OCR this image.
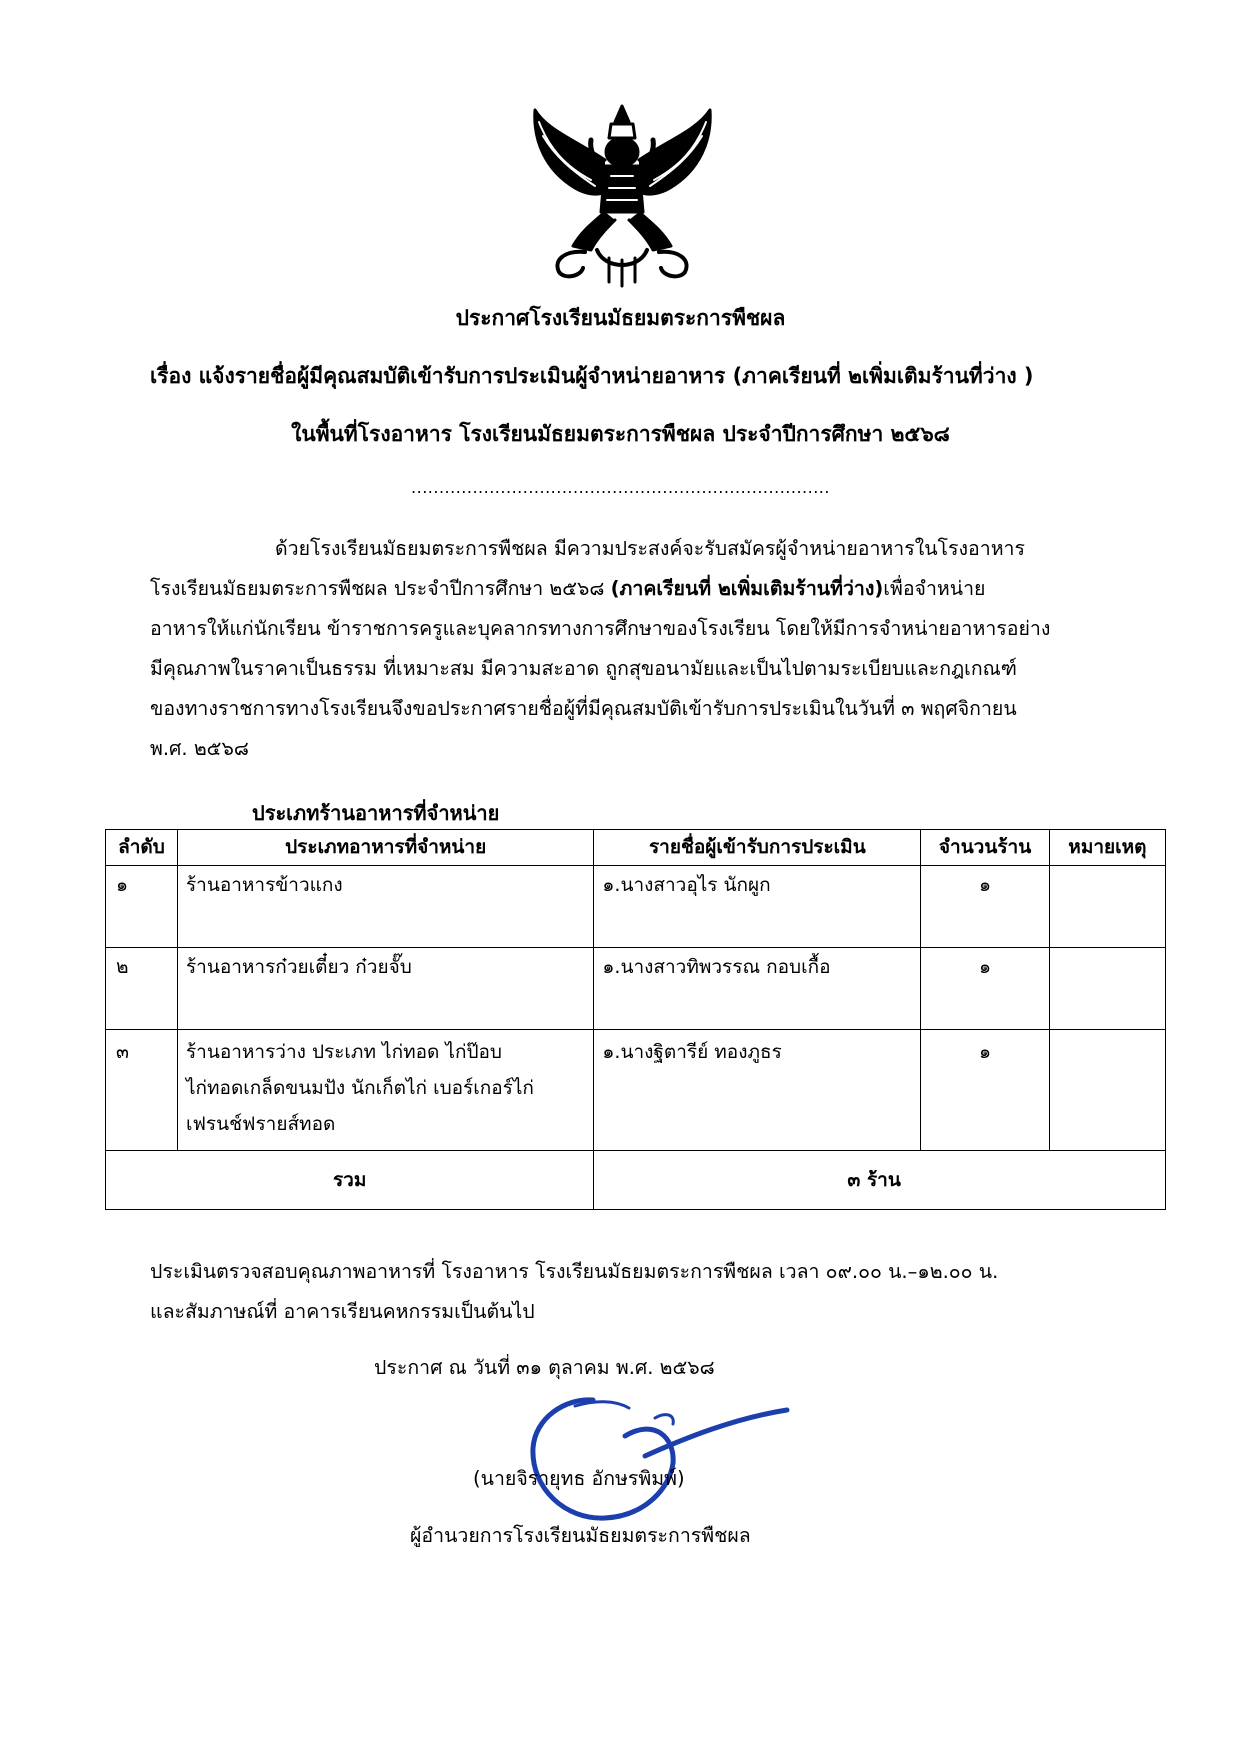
ประกาศโรงเรียนมัธยมตระการพืชผล
เรื่อง แจ้งรายชื่อผู้มีคุณสมบัติเข้ารับการประเมินผู้จำหน่ายอาหาร (ภาคเรียนที่ ๒เพิ่มเติมร้านที่ว่าง )
ในพื้นที่โรงอาหาร โรงเรียนมัธยมตระการพืชผล ประจำปีการศึกษา ๒๕๖๘
...........................................................................
ด้วยโรงเรียนมัธยมตระการพืชผล มีความประสงค์จะรับสมัครผู้จำหน่ายอาหารในโรงอาหาร
โรงเรียนมัธยมตระการพืชผล ประจำปีการศึกษา ๒๕๖๘ (ภาคเรียนที่ ๒เพิ่มเติมร้านที่ว่าง)เพื่อจำหน่าย
อาหารให้แก่นักเรียน ข้าราชการครูและบุคลากรทางการศึกษาของโรงเรียน โดยให้มีการจำหน่ายอาหารอย่าง
มีคุณภาพในราคาเป็นธรรม ที่เหมาะสม มีความสะอาด ถูกสุขอนามัยและเป็นไปตามระเบียบและกฎเกณฑ์
ของทางราชการทางโรงเรียนจึงขอประกาศรายชื่อผู้ที่มีคุณสมบัติเข้ารับการประเมินในวันที่ ๓ พฤศจิกายน
พ.ศ. ๒๕๖๘
ประเภทร้านอาหารที่จำหน่าย
ลำดับ	ประเภทอาหารที่จำหน่าย	รายชื่อผู้เข้ารับการประเมิน	จำนวนร้าน	หมายเหตุ
๑	ร้านอาหารข้าวแกง	๑.นางสาวอุไร นักผูก	๑	
๒	ร้านอาหารก๋วยเตี๋ยว ก๋วยจั๊บ	๑.นางสาวทิพวรรณ กอบเกื้อ	๑	
๓	ร้านอาหารว่าง ประเภท ไก่ทอด ไก่ป๊อบ
ไก่ทอดเกล็ดขนมปัง นักเก็ตไก่ เบอร์เกอร์ไก่
เฟรนช์ฟรายส์ทอด	๑.นางฐิตารีย์ ทองภูธร	๑	
รวม		๓ ร้าน		
ประเมินตรวจสอบคุณภาพอาหารที่ โรงอาหาร โรงเรียนมัธยมตระการพืชผล เวลา ๐๙.๐๐ น.–๑๒.๐๐ น.
และสัมภาษณ์ที่ อาคารเรียนคหกรรมเป็นต้นไป
ประกาศ ณ วันที่ ๓๑ ตุลาคม พ.ศ. ๒๕๖๘
(นายจิรายุทธ อักษรพิมพ์)
ผู้อำนวยการโรงเรียนมัธยมตระการพืชผล
